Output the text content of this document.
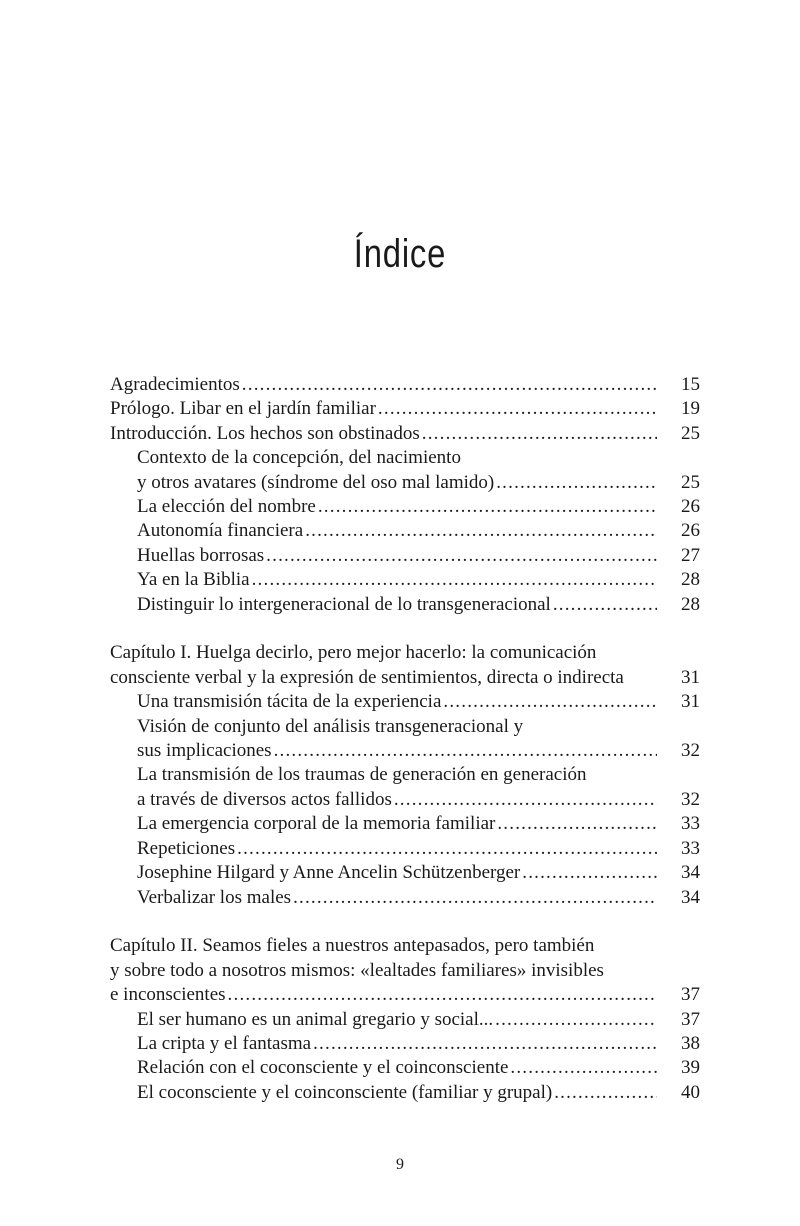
Índice
Agradecimientos .....	15
Prólogo. Libar en el jardín familiar .....	19
Introducción. Los hechos son obstinados .....	25
Contexto de la concepción, del nacimiento
y otros avatares (síndrome del oso mal lamido) .....	25
La elección del nombre .....	26
Autonomía financiera .....	26
Huellas borrosas .....	27
Ya en la Biblia .....	28
Distinguir lo intergeneracional de lo transgeneracional .....	28
Capítulo I. Huelga decirlo, pero mejor hacerlo: la comunicación
consciente verbal y la expresión de sentimientos, directa o indirecta	31
Una transmisión tácita de la experiencia .....	31
Visión de conjunto del análisis transgeneracional y
sus implicaciones .....	32
La transmisión de los traumas de generación en generación
a través de diversos actos fallidos .....	32
La emergencia corporal de la memoria familiar .....	33
Repeticiones .....	33
Josephine Hilgard y Anne Ancelin Schützenberger .....	34
Verbalizar los males .....	34
Capítulo II. Seamos fieles a nuestros antepasados, pero también
y sobre todo a nosotros mismos: «lealtades familiares» invisibles
e inconscientes .....	37
El ser humano es un animal gregario y social... .....	37
La cripta y el fantasma .....	38
Relación con el coconsciente y el coinconsciente .....	39
El coconsciente y el coinconsciente (familiar y grupal) .....	40
9
